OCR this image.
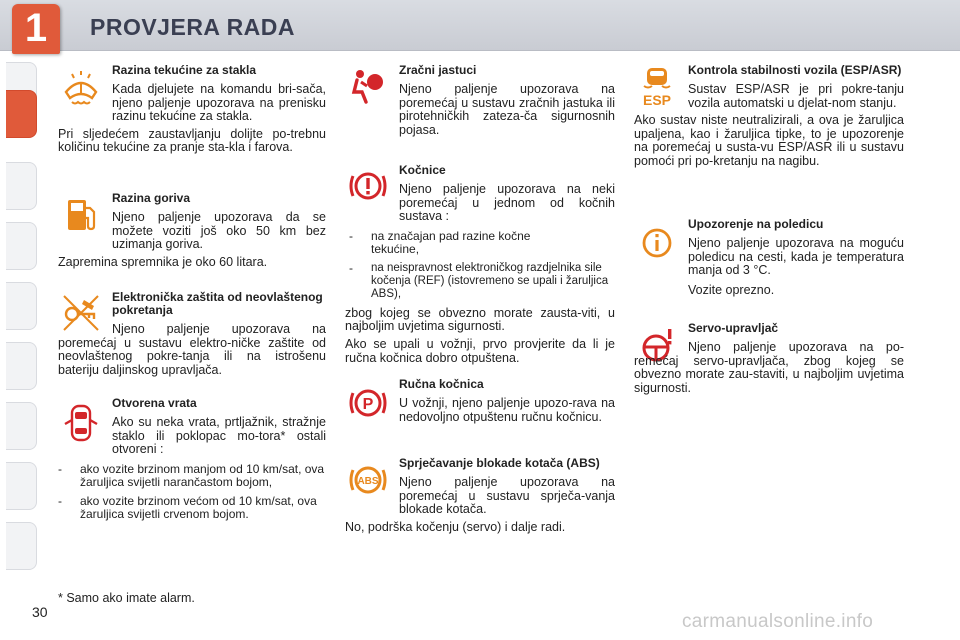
1	PROVJERA RADA

Razina tekućine za stakla

Kada djelujete na komandu bri-sača, njeno paljenje upozorava na prenisku razinu tekućine za stakla.

Pri sljedećem zaustavljanju dolijte po-trebnu količinu tekućine za pranje sta-kla i farova.

Razina goriva

Njeno paljenje upozorava da se možete voziti još oko 50 km bez uzimanja goriva.

Zapremina spremnika je oko 60 litara.

Elektronička zaštita od neovlaštenog pokretanja

Njeno paljenje upozorava na poremećaj u sustavu elektro-ničke zaštite od neovlaštenog pokre-tanja ili na istrošenu bateriju daljinskog upravljača.

Otvorena vrata

Ako su neka vrata, prtljažnik, stražnje staklo ili poklopac mo-tora* ostali otvoreni :

-	ako vozite brzinom manjom od 10 km/sat, ova žaruljica svijetli narančastom bojom,
-	ako vozite brzinom većom od 10 km/sat, ova žaruljica svijetli crvenom bojom.

Zračni jastuci

Njeno paljenje upozorava na poremećaj u sustavu zračnih jastuka ili pirotehničkih zateza-ča sigurnosnih pojasa.

Kočnice

Njeno paljenje upozorava na neki poremećaj u jednom od kočnih sustava :

-	na značajan pad razine kočne tekućine,
-	na neispravnost elektroničkog razdjelnika sile kočenja (REF) (istovremeno se upali i žaruljica ABS),

zbog kojeg se obvezno morate zausta-viti, u najboljim uvjetima sigurnosti.

Ako se upali u vožnji, prvo provjerite da li je ručna kočnica dobro otpuštena.

P

Ručna kočnica

U vožnji, njeno paljenje upozo-rava na nedovoljno otpuštenu ručnu kočnicu.

ABS

Sprječavanje blokade kotača (ABS)

Njeno paljenje upozorava na poremećaj u sustavu sprječa-vanja blokade kotača.

No, podrška kočenju (servo) i dalje radi.

ESP

Kontrola stabilnosti vozila (ESP/ASR)

Sustav ESP/ASR je pri pokre-tanju vozila automatski u djelat-nom stanju.

Ako sustav niste neutralizirali, a ova je žaruljica upaljena, kao i žaruljica tipke, to je upozorenje na poremećaj u susta-vu ESP/ASR ili u sustavu pomoći pri po-kretanju na nagibu.

Upozorenje na poledicu

Njeno paljenje upozorava na moguću poledicu na cesti, kada je temperatura manja od 3 °C.

Vozite oprezno.

Servo-upravljač

Njeno paljenje upozorava na po-remećaj servo-upravljača, zbog kojeg se obvezno morate zau-staviti, u najboljim uvjetima sigurnosti.

* Samo ako imate alarm.
30	carmanualsonline.info
